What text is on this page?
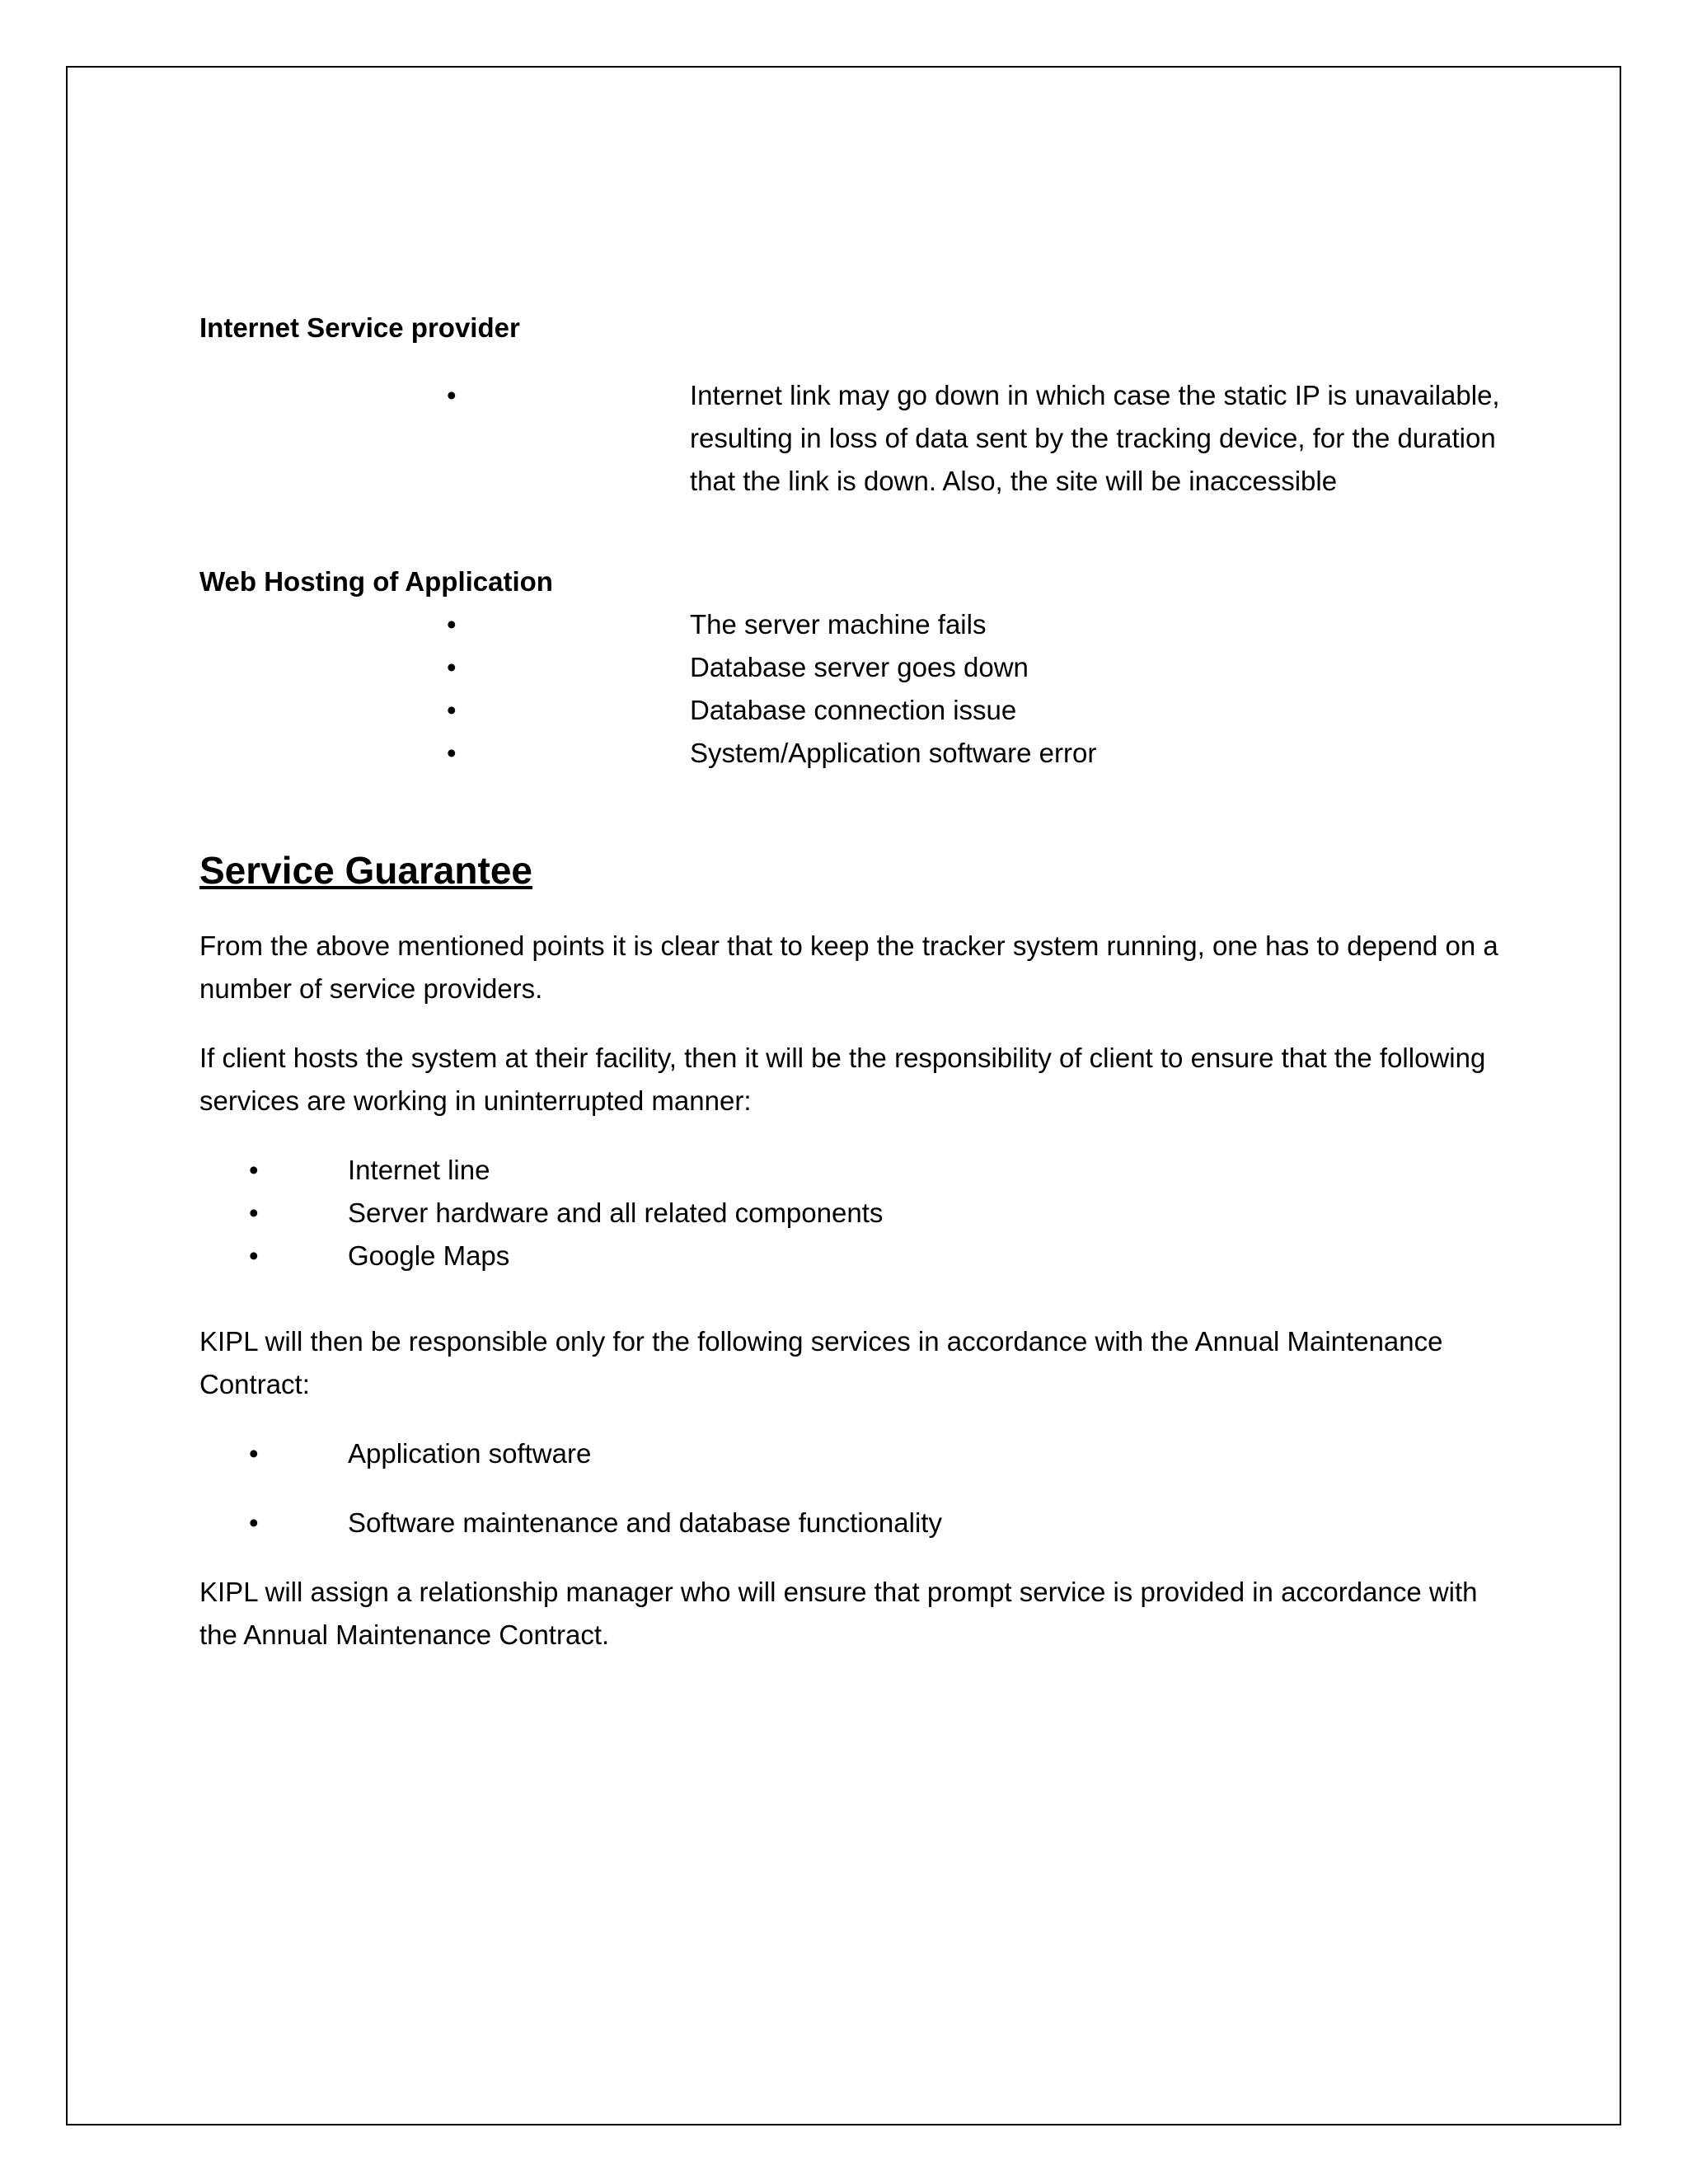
Internet Service provider

•	Internet link may go down in which case the static IP is unavailable, resulting in loss of data sent by the tracking device, for the duration that the link is down. Also, the site will be inaccessible

Web Hosting of Application

•	The server machine fails
•	Database server goes down
•	Database connection issue
•	System/Application software error
Service Guarantee

From the above mentioned points it is clear that to keep the tracker system running, one has to depend on a number of service providers.

If client hosts the system at their facility, then it will be the responsibility of client to ensure that the following services are working in uninterrupted manner:

•	Internet line
•	Server hardware and all related components
•	Google Maps

KIPL will then be responsible only for the following services in accordance with the Annual Maintenance Contract:

•	Application software
•	Software maintenance and database functionality

KIPL will assign a relationship manager who will ensure that prompt service is provided in accordance with the Annual Maintenance Contract.
